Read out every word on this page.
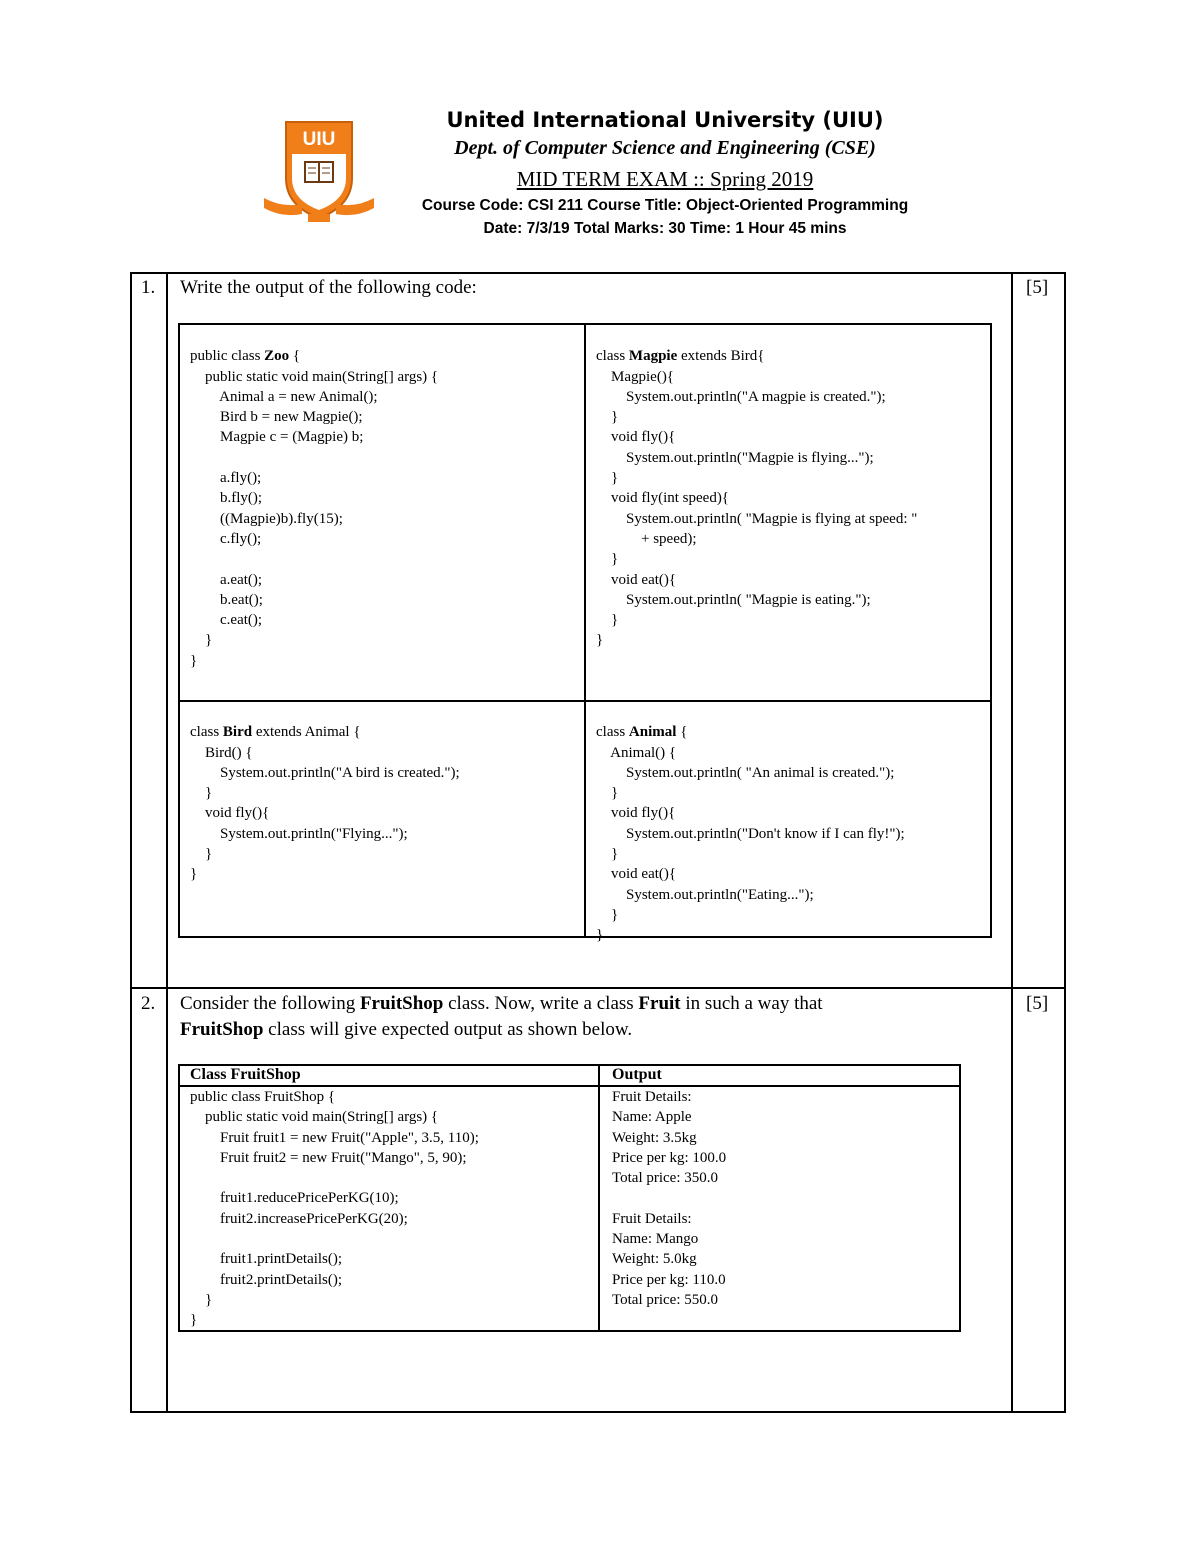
UIU
United International University (UIU)
Dept. of Computer Science and Engineering (CSE)
MID TERM EXAM :: Spring 2019
Course Code: CSI 211 Course Title: Object-Oriented Programming
Date: 7/3/19 Total Marks: 30 Time: 1 Hour 45 mins
1.	[5]
Write the output of the following code:

public class Zoo {
public static void main(String[] args) {
Animal a = new Animal();
Bird b = new Magpie();
Magpie c = (Magpie) b;

a.fly();
b.fly();
((Magpie)b).fly(15);
c.fly();

a.eat();
b.eat();
c.eat();
}
}

class Magpie extends Bird{
Magpie(){
System.out.println("A magpie is created.");
}
void fly(){
System.out.println("Magpie is flying...");
}
void fly(int speed){
System.out.println( "Magpie is flying at speed: "
+ speed);
}
void eat(){
System.out.println( "Magpie is eating.");
}
}

class Bird extends Animal {
Bird() {
System.out.println("A bird is created.");
}
void fly(){
System.out.println("Flying...");
}
}

class Animal {
Animal() {
System.out.println( "An animal is created.");
}
void fly(){
System.out.println("Don't know if I can fly!");
}
void eat(){
System.out.println("Eating...");
}
}
2.	[5]
Consider the following FruitShop class. Now, write a class Fruit in such a way that
FruitShop class will give expected output as shown below.
Class FruitShop	Output
public class FruitShop {
public static void main(String[] args) {
Fruit fruit1 = new Fruit("Apple", 3.5, 110);
Fruit fruit2 = new Fruit("Mango", 5, 90);

fruit1.reducePricePerKG(10);
fruit2.increasePricePerKG(20);

fruit1.printDetails();
fruit2.printDetails();
}
}
Fruit Details:
Name: Apple
Weight: 3.5kg
Price per kg: 100.0
Total price: 350.0

Fruit Details:
Name: Mango
Weight: 5.0kg
Price per kg: 110.0
Total price: 550.0
